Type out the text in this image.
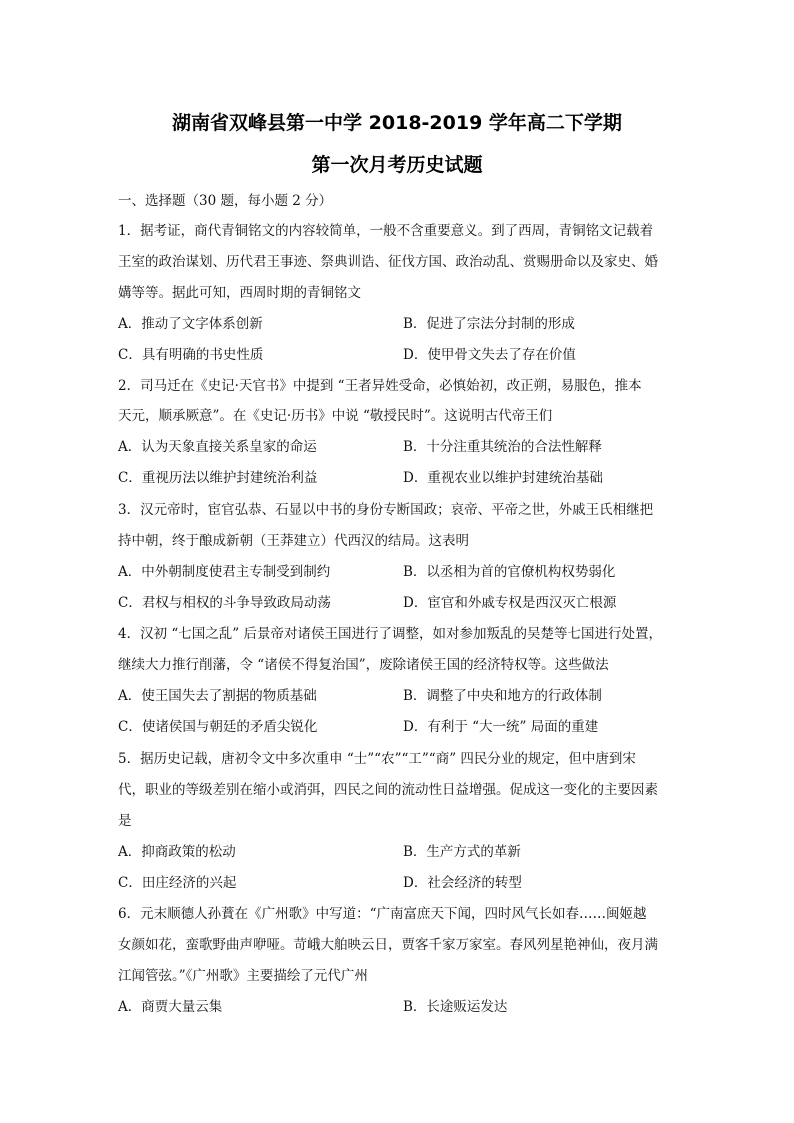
湖南省双峰县第一中学 2018-2019 学年高二下学期
第一次月考历史试题
一、选择题（30 题，每小题 2 分）
1．据考证，商代青铜铭文的内容较简单，一般不含重要意义。到了西周，青铜铭文记载着
王室的政治谋划、历代君王事迹、祭典训诰、征伐方国、政治动乱、赏赐册命以及家史、婚
媾等等。据此可知，西周时期的青铜铭文
A．推动了文字体系创新	B．促进了宗法分封制的形成
C．具有明确的书史性质	D．使甲骨文失去了存在价值
2．司马迁在《史记·天官书》中提到 “王者异姓受命，必慎始初，改正朔，易服色，推本
天元，顺承厥意”。在《史记·历书》中说 “敬授民时”。这说明古代帝王们
A．认为天象直接关系皇家的命运	B．十分注重其统治的合法性解释
C．重视历法以维护封建统治利益	D．重视农业以维护封建统治基础
3．汉元帝时，宦官弘恭、石显以中书的身份专断国政；哀帝、平帝之世，外戚王氏相继把
持中朝，终于酿成新朝（王莽建立）代西汉的结局。这表明
A．中外朝制度使君主专制受到制约	B．以丞相为首的官僚机构权势弱化
C．君权与相权的斗争导致政局动荡	D．宦官和外戚专权是西汉灭亡根源
4．汉初 “七国之乱” 后景帝对诸侯王国进行了调整，如对参加叛乱的吴楚等七国进行处置，
继续大力推行削藩，令 “诸侯不得复治国”，废除诸侯王国的经济特权等。这些做法
A．使王国失去了割据的物质基础	B．调整了中央和地方的行政体制
C．使诸侯国与朝廷的矛盾尖锐化	D．有利于 “大一统” 局面的重建
5．据历史记载，唐初令文中多次重申 “士”“农”“工”“商” 四民分业的规定，但中唐到宋
代，职业的等级差别在缩小或消弭，四民之间的流动性日益增强。促成这一变化的主要因素
是
A．抑商政策的松动	B．生产方式的革新
C．田庄经济的兴起	D．社会经济的转型
6．元末顺德人孙蕡在《广州歌》中写道：“广南富庶天下闻，四时风气长如春……闽姬越
女颜如花，蛮歌野曲声咿哑。苛峨大舶映云日，贾客千家万家室。春风列星艳神仙，夜月满
江闻管弦。”《广州歌》主要描绘了元代广州
A．商贾大量云集	B．长途贩运发达
